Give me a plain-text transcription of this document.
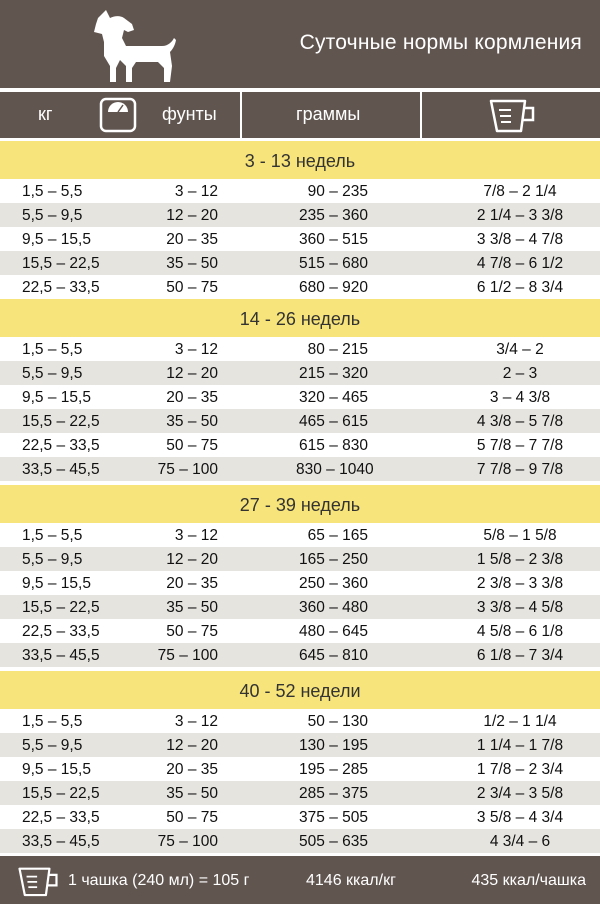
Суточные нормы кормления
кг	фунты	граммы
3 - 13 недель
1,5 – 5,5	3 – 12	90 – 235	7/8 – 2 1/4
5,5 – 9,5	12 – 20	235 – 360	2 1/4 – 3 3/8
9,5 – 15,5	20 – 35	360 – 515	3 3/8 – 4 7/8
15,5 – 22,5	35 – 50	515 – 680	4 7/8 – 6 1/2
22,5 – 33,5	50 – 75	680 – 920	6 1/2 – 8 3/4
14 - 26 недель
1,5 – 5,5	3 – 12	80 – 215	3/4 – 2
5,5 – 9,5	12 – 20	215 – 320	2 – 3
9,5 – 15,5	20 – 35	320 – 465	3 – 4 3/8
15,5 – 22,5	35 – 50	465 – 615	4 3/8 – 5 7/8
22,5 – 33,5	50 – 75	615 – 830	5 7/8 – 7 7/8
33,5 – 45,5	75 – 100	830 – 1040	7 7/8 – 9 7/8
27 - 39 недель
1,5 – 5,5	3 – 12	65 – 165	5/8 – 1 5/8
5,5 – 9,5	12 – 20	165 – 250	1 5/8 – 2 3/8
9,5 – 15,5	20 – 35	250 – 360	2 3/8 – 3 3/8
15,5 – 22,5	35 – 50	360 – 480	3 3/8 – 4 5/8
22,5 – 33,5	50 – 75	480 – 645	4 5/8 – 6 1/8
33,5 – 45,5	75 – 100	645 – 810	6 1/8 – 7 3/4
40 - 52 недели
1,5 – 5,5	3 – 12	50 – 130	1/2 – 1 1/4
5,5 – 9,5	12 – 20	130 – 195	1 1/4 – 1 7/8
9,5 – 15,5	20 – 35	195 – 285	1 7/8 – 2 3/4
15,5 – 22,5	35 – 50	285 – 375	2 3/4 – 3 5/8
22,5 – 33,5	50 – 75	375 – 505	3 5/8 – 4 3/4
33,5 – 45,5	75 – 100	505 – 635	4 3/4 – 6
1 чашка (240 мл) = 105 г	4146 ккал/кг	435 ккал/чашка
